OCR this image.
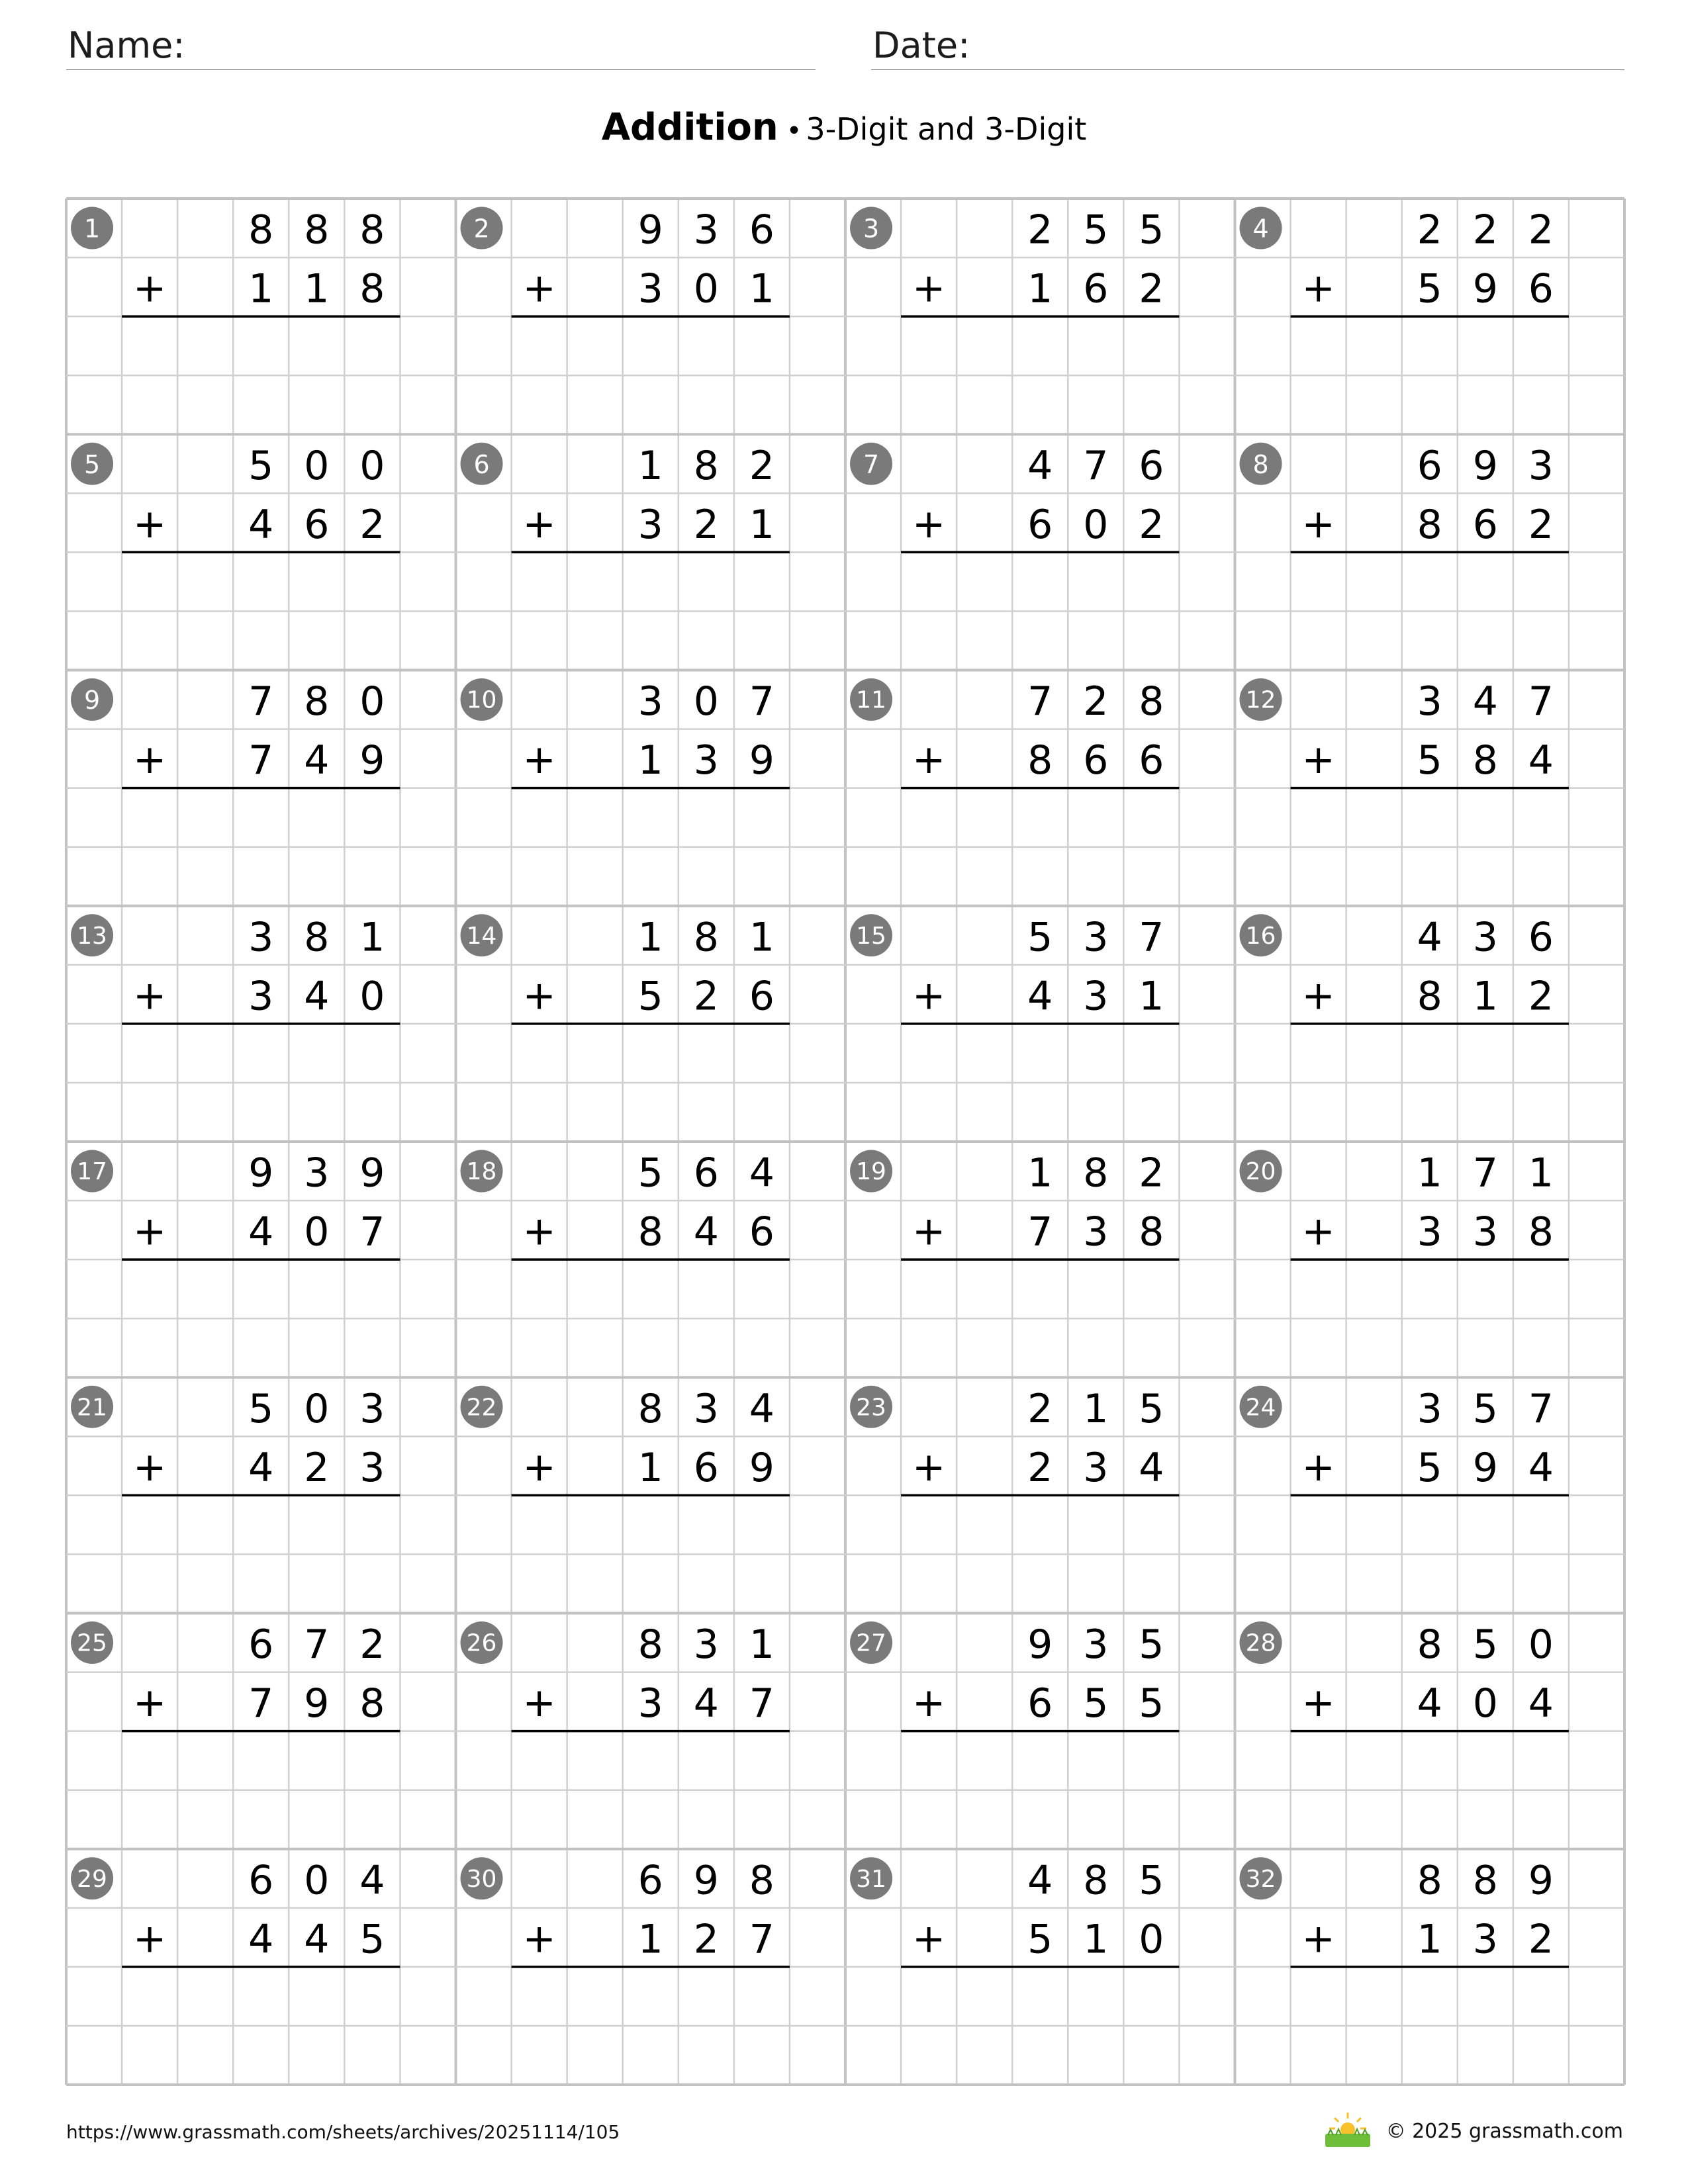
Name:	Date:
Addition • 3-Digit and 3-Digit
1	8 8 8
+ 1 1 8
2	9 3 6
+ 3 0 1
3	2 5 5
+ 1 6 2
4	2 2 2
+ 5 9 6
5	5 0 0
+ 4 6 2
6	1 8 2
+ 3 2 1
7	4 7 6
+ 6 0 2
8	6 9 3
+ 8 6 2
9	7 8 0
+ 7 4 9
10	3 0 7
+ 1 3 9
11	7 2 8
+ 8 6 6
12	3 4 7
+ 5 8 4
13	3 8 1
+ 3 4 0
14	1 8 1
+ 5 2 6
15	5 3 7
+ 4 3 1
16	4 3 6
+ 8 1 2
17	9 3 9
+ 4 0 7
18	5 6 4
+ 8 4 6
19	1 8 2
+ 7 3 8
20	1 7 1
+ 3 3 8
21	5 0 3
+ 4 2 3
22	8 3 4
+ 1 6 9
23	2 1 5
+ 2 3 4
24	3 5 7
+ 5 9 4
25	6 7 2
+ 7 9 8
26	8 3 1
+ 3 4 7
27	9 3 5
+ 6 5 5
28	8 5 0
+ 4 0 4
29	6 0 4
+ 4 4 5
30	6 9 8
+ 1 2 7
31	4 8 5
+ 5 1 0
32	8 8 9
+ 1 3 2
https://www.grassmath.com/sheets/archives/20251114/105	© 2025 grassmath.com
